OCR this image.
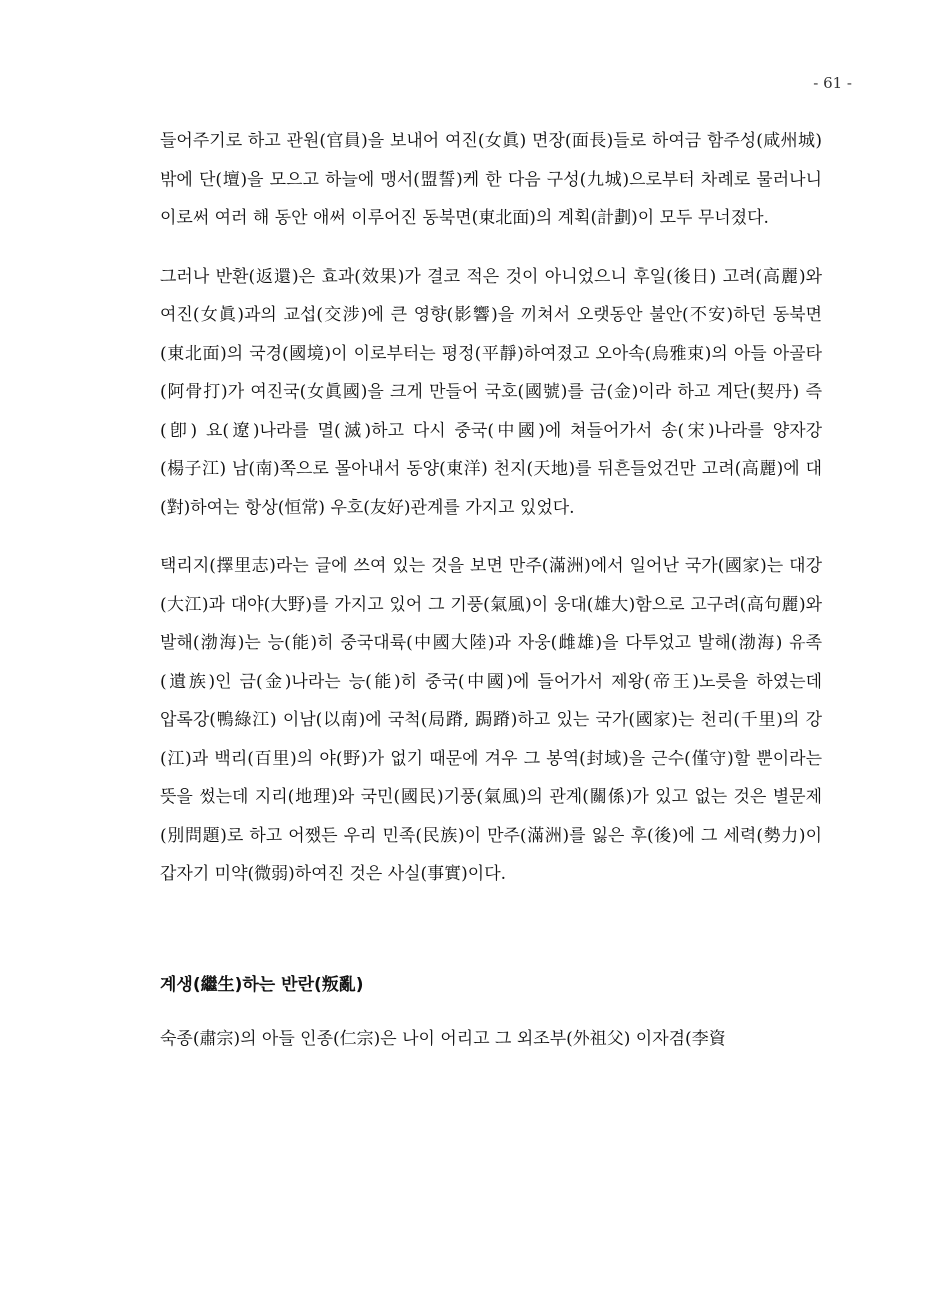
- 61 -

들어주기로 하고 관원(官員)을 보내어 여진(女眞) 면장(面長)들로 하여금 함주성(咸州城) 밖에 단(壇)을 모으고 하늘에 맹서(盟誓)케 한 다음 구성(九城)으로부터 차례로 물러나니 이로써 여러 해 동안 애써 이루어진 동북면(東北面)의 계획(計劃)이 모두 무너졌다.

그러나 반환(返還)은 효과(效果)가 결코 적은 것이 아니었으니 후일(後日) 고려(高麗)와 여진(女眞)과의 교섭(交涉)에 큰 영향(影響)을 끼쳐서 오랫동안 불안(不安)하던 동북면(東北面)의 국경(國境)이 이로부터는 평정(平靜)하여졌고 오아속(烏雅束)의 아들 아골타(阿骨打)가 여진국(女眞國)을 크게 만들어 국호(國號)를 금(金)이라 하고 계단(契丹) 즉(卽) 요(遼)나라를 멸(滅)하고 다시 중국(中國)에 쳐들어가서 송(宋)나라를 양자강(楊子江) 남(南)쪽으로 몰아내서 동양(東洋) 천지(天地)를 뒤흔들었건만 고려(高麗)에 대(對)하여는 항상(恒常) 우호(友好)관계를 가지고 있었다.

택리지(擇里志)라는 글에 쓰여 있는 것을 보면 만주(滿洲)에서 일어난 국가(國家)는 대강(大江)과 대야(大野)를 가지고 있어 그 기풍(氣風)이 웅대(雄大)함으로 고구려(高句麗)와 발해(渤海)는 능(能)히 중국대륙(中國大陸)과 자웅(雌雄)을 다투었고 발해(渤海) 유족(遺族)인 금(金)나라는 능(能)히 중국(中國)에 들어가서 제왕(帝王)노릇을 하였는데 압록강(鴨綠江) 이남(以南)에 국척(局蹐, 跼蹐)하고 있는 국가(國家)는 천리(千里)의 강(江)과 백리(百里)의 야(野)가 없기 때문에 겨우 그 봉역(封域)을 근수(僅守)할 뿐이라는 뜻을 썼는데 지리(地理)와 국민(國民)기풍(氣風)의 관계(關係)가 있고 없는 것은 별문제(別問題)로 하고 어쨌든 우리 민족(民族)이 만주(滿洲)를 잃은 후(後)에 그 세력(勢力)이 갑자기 미약(微弱)하여진 것은 사실(事實)이다.

계생(繼生)하는 반란(叛亂)

숙종(肅宗)의 아들 인종(仁宗)은 나이 어리고 그 외조부(外祖父) 이자겸(李資
